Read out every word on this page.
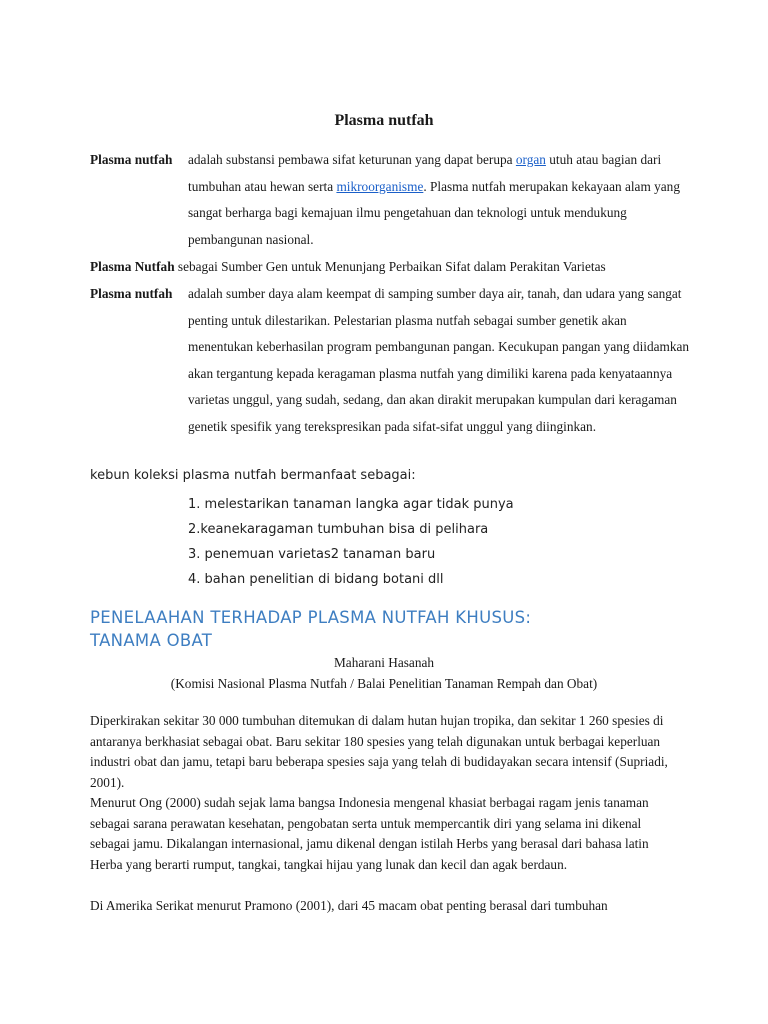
Plasma nutfah
Plasma nutfah adalah substansi pembawa sifat keturunan yang dapat berupa organ utuh atau bagian dari tumbuhan atau hewan serta mikroorganisme. Plasma nutfah merupakan kekayaan alam yang sangat berharga bagi kemajuan ilmu pengetahuan dan teknologi untuk mendukung pembangunan nasional.
Plasma Nutfah sebagai Sumber Gen untuk Menunjang Perbaikan Sifat dalam Perakitan Varietas
Plasma nutfah adalah sumber daya alam keempat di samping sumber daya air, tanah, dan udara yang sangat penting untuk dilestarikan. Pelestarian plasma nutfah sebagai sumber genetik akan menentukan keberhasilan program pembangunan pangan. Kecukupan pangan yang diidamkan akan tergantung kepada keragaman plasma nutfah yang dimiliki karena pada kenyataannya varietas unggul, yang sudah, sedang, dan akan dirakit merupakan kumpulan dari keragaman genetik spesifik yang terekspresikan pada sifat-sifat unggul yang diinginkan.
kebun koleksi plasma nutfah bermanfaat sebagai:
1. melestarikan tanaman langka agar tidak punya
2.keanekaragaman tumbuhan bisa di pelihara
3. penemuan varietas2 tanaman baru
4. bahan penelitian di bidang botani dll
PENELAAHAN TERHADAP PLASMA NUTFAH KHUSUS:
TANAMA OBAT
Maharani Hasanah
(Komisi Nasional Plasma Nutfah / Balai Penelitian Tanaman Rempah dan Obat)
Diperkirakan sekitar 30 000 tumbuhan ditemukan di dalam hutan hujan tropika, dan sekitar 1 260 spesies di antaranya berkhasiat sebagai obat. Baru sekitar 180 spesies yang telah digunakan untuk berbagai keperluan industri obat dan jamu, tetapi baru beberapa spesies saja yang telah di budidayakan secara intensif (Supriadi, 2001).
Menurut Ong (2000) sudah sejak lama bangsa Indonesia mengenal khasiat berbagai ragam jenis tanaman sebagai sarana perawatan kesehatan, pengobatan serta untuk mempercantik diri yang selama ini dikenal sebagai jamu. Dikalangan internasional, jamu dikenal dengan istilah Herbs yang berasal dari bahasa latin Herba yang berarti rumput, tangkai, tangkai hijau yang lunak dan kecil dan agak berdaun.
Di Amerika Serikat menurut Pramono (2001), dari 45 macam obat penting berasal dari tumbuhan
